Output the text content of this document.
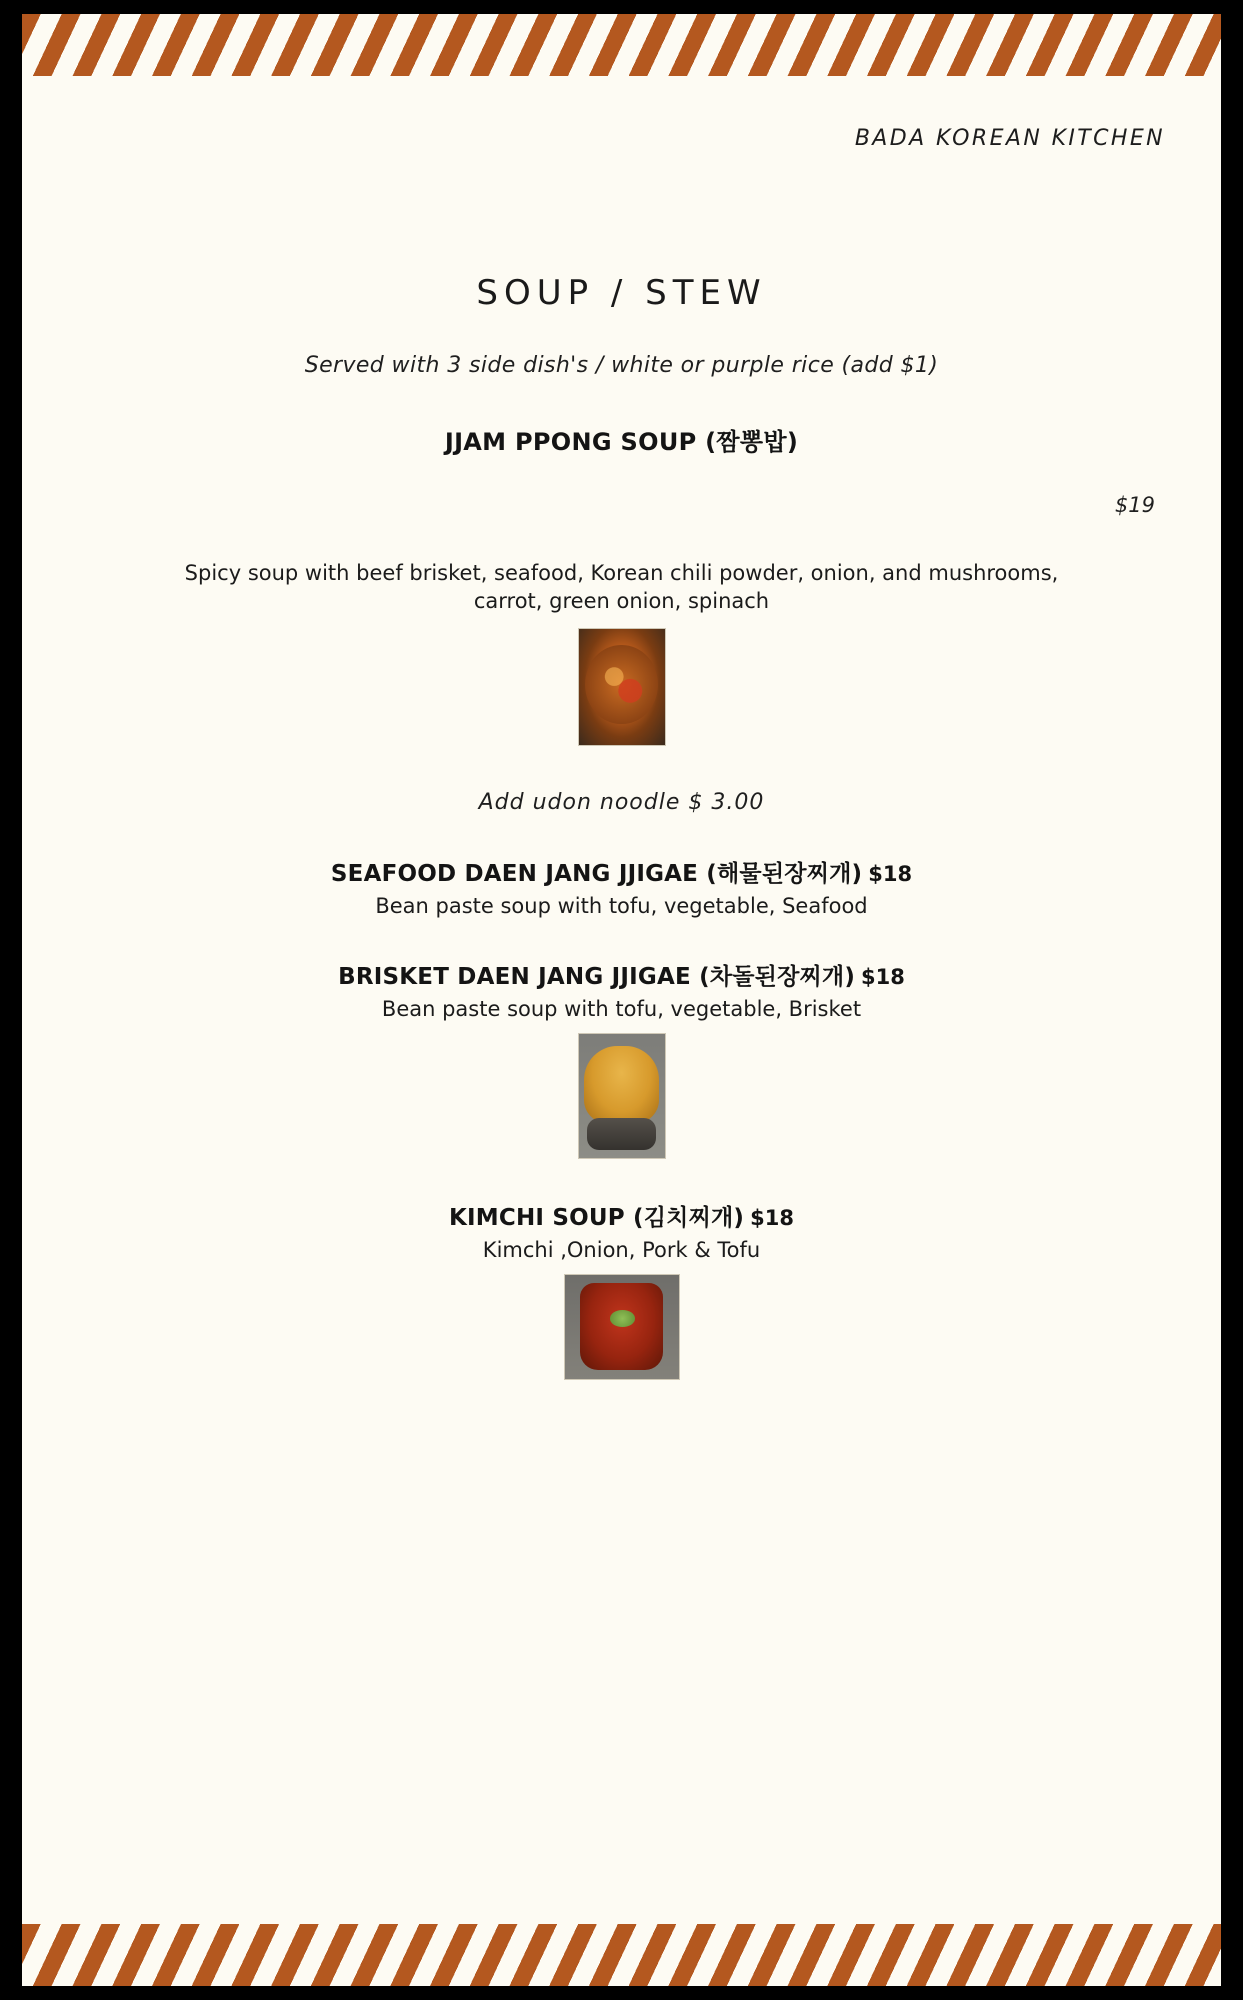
BADA KOREAN KITCHEN
SOUP / STEW
Served with 3 side dish's / white or purple rice (add $1)
JJAM PPONG SOUP (짬뽕밥)
$19
Spicy soup with beef brisket, seafood, Korean chili powder, onion, and mushrooms, carrot, green onion, spinach
Add udon noodle $ 3.00
SEAFOOD DAEN JANG JJIGAE (해물된장찌개) $18
Bean paste soup with tofu, vegetable, Seafood
BRISKET DAEN JANG JJIGAE (차돌된장찌개) $18
Bean paste soup with tofu, vegetable, Brisket
KIMCHI SOUP (김치찌개) $18
Kimchi ,Onion, Pork & Tofu
